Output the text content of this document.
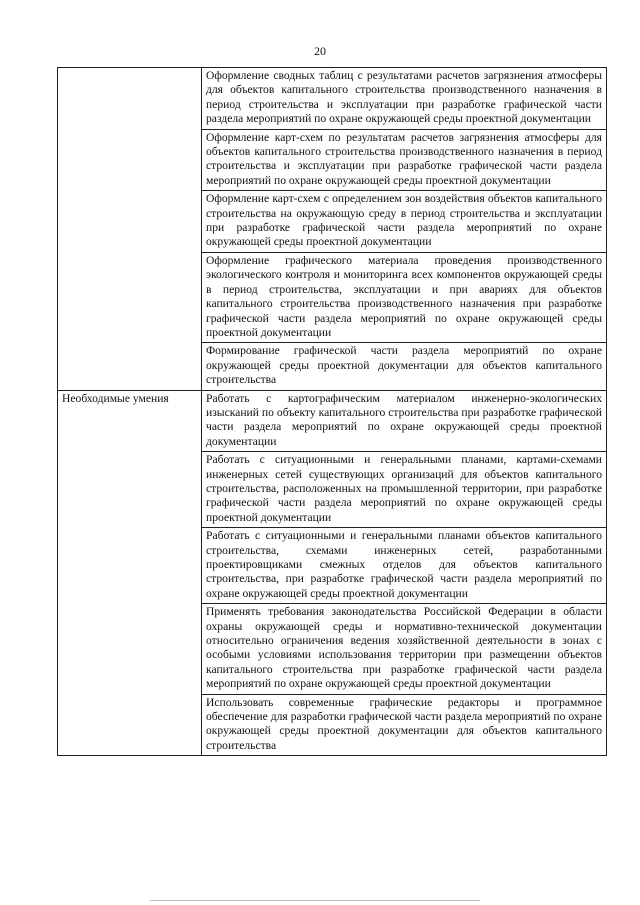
20
	Оформление сводных таблиц с результатами расчетов загрязнения атмосферы для объектов капитального строительства производственного назначения в период строительства и эксплуатации при разработке графической части раздела мероприятий по охране окружающей среды проектной документации
	Оформление карт-схем по результатам расчетов загрязнения атмосферы для объектов капитального строительства производственного назначения в период строительства и эксплуатации при разработке графической части раздела мероприятий по охране окружающей среды проектной документации
	Оформление карт-схем с определением зон воздействия объектов капитального строительства на окружающую среду в период строительства и эксплуатации при разработке графической части раздела мероприятий по охране окружающей среды проектной документации
	Оформление графического материала проведения производственного экологического контроля и мониторинга всех компонентов окружающей среды в период строительства, эксплуатации и при авариях для объектов капитального строительства производственного назначения при разработке графической части раздела мероприятий по охране окружающей среды проектной документации
	Формирование графической части раздела мероприятий по охране окружающей среды проектной документации для объектов капитального строительства
Необходимые умения	Работать с картографическим материалом инженерно-экологических изысканий по объекту капитального строительства при разработке графической части раздела мероприятий по охране окружающей среды проектной документации
	Работать с ситуационными и генеральными планами, картами-схемами инженерных сетей существующих организаций для объектов капитального строительства, расположенных на промышленной территории, при разработке графической части раздела мероприятий по охране окружающей среды проектной документации
	Работать с ситуационными и генеральными планами объектов капитального строительства, схемами инженерных сетей, разработанными проектировщиками смежных отделов для объектов капитального строительства, при разработке графической части раздела мероприятий по охране окружающей среды проектной документации
	Применять требования законодательства Российской Федерации в области охраны окружающей среды и нормативно-технической документации относительно ограничения ведения хозяйственной деятельности в зонах с особыми условиями использования территории при размещении объектов капитального строительства при разработке графической части раздела мероприятий по охране окружающей среды проектной документации
	Использовать современные графические редакторы и программное обеспечение для разработки графической части раздела мероприятий по охране окружающей среды проектной документации для объектов капитального строительства
